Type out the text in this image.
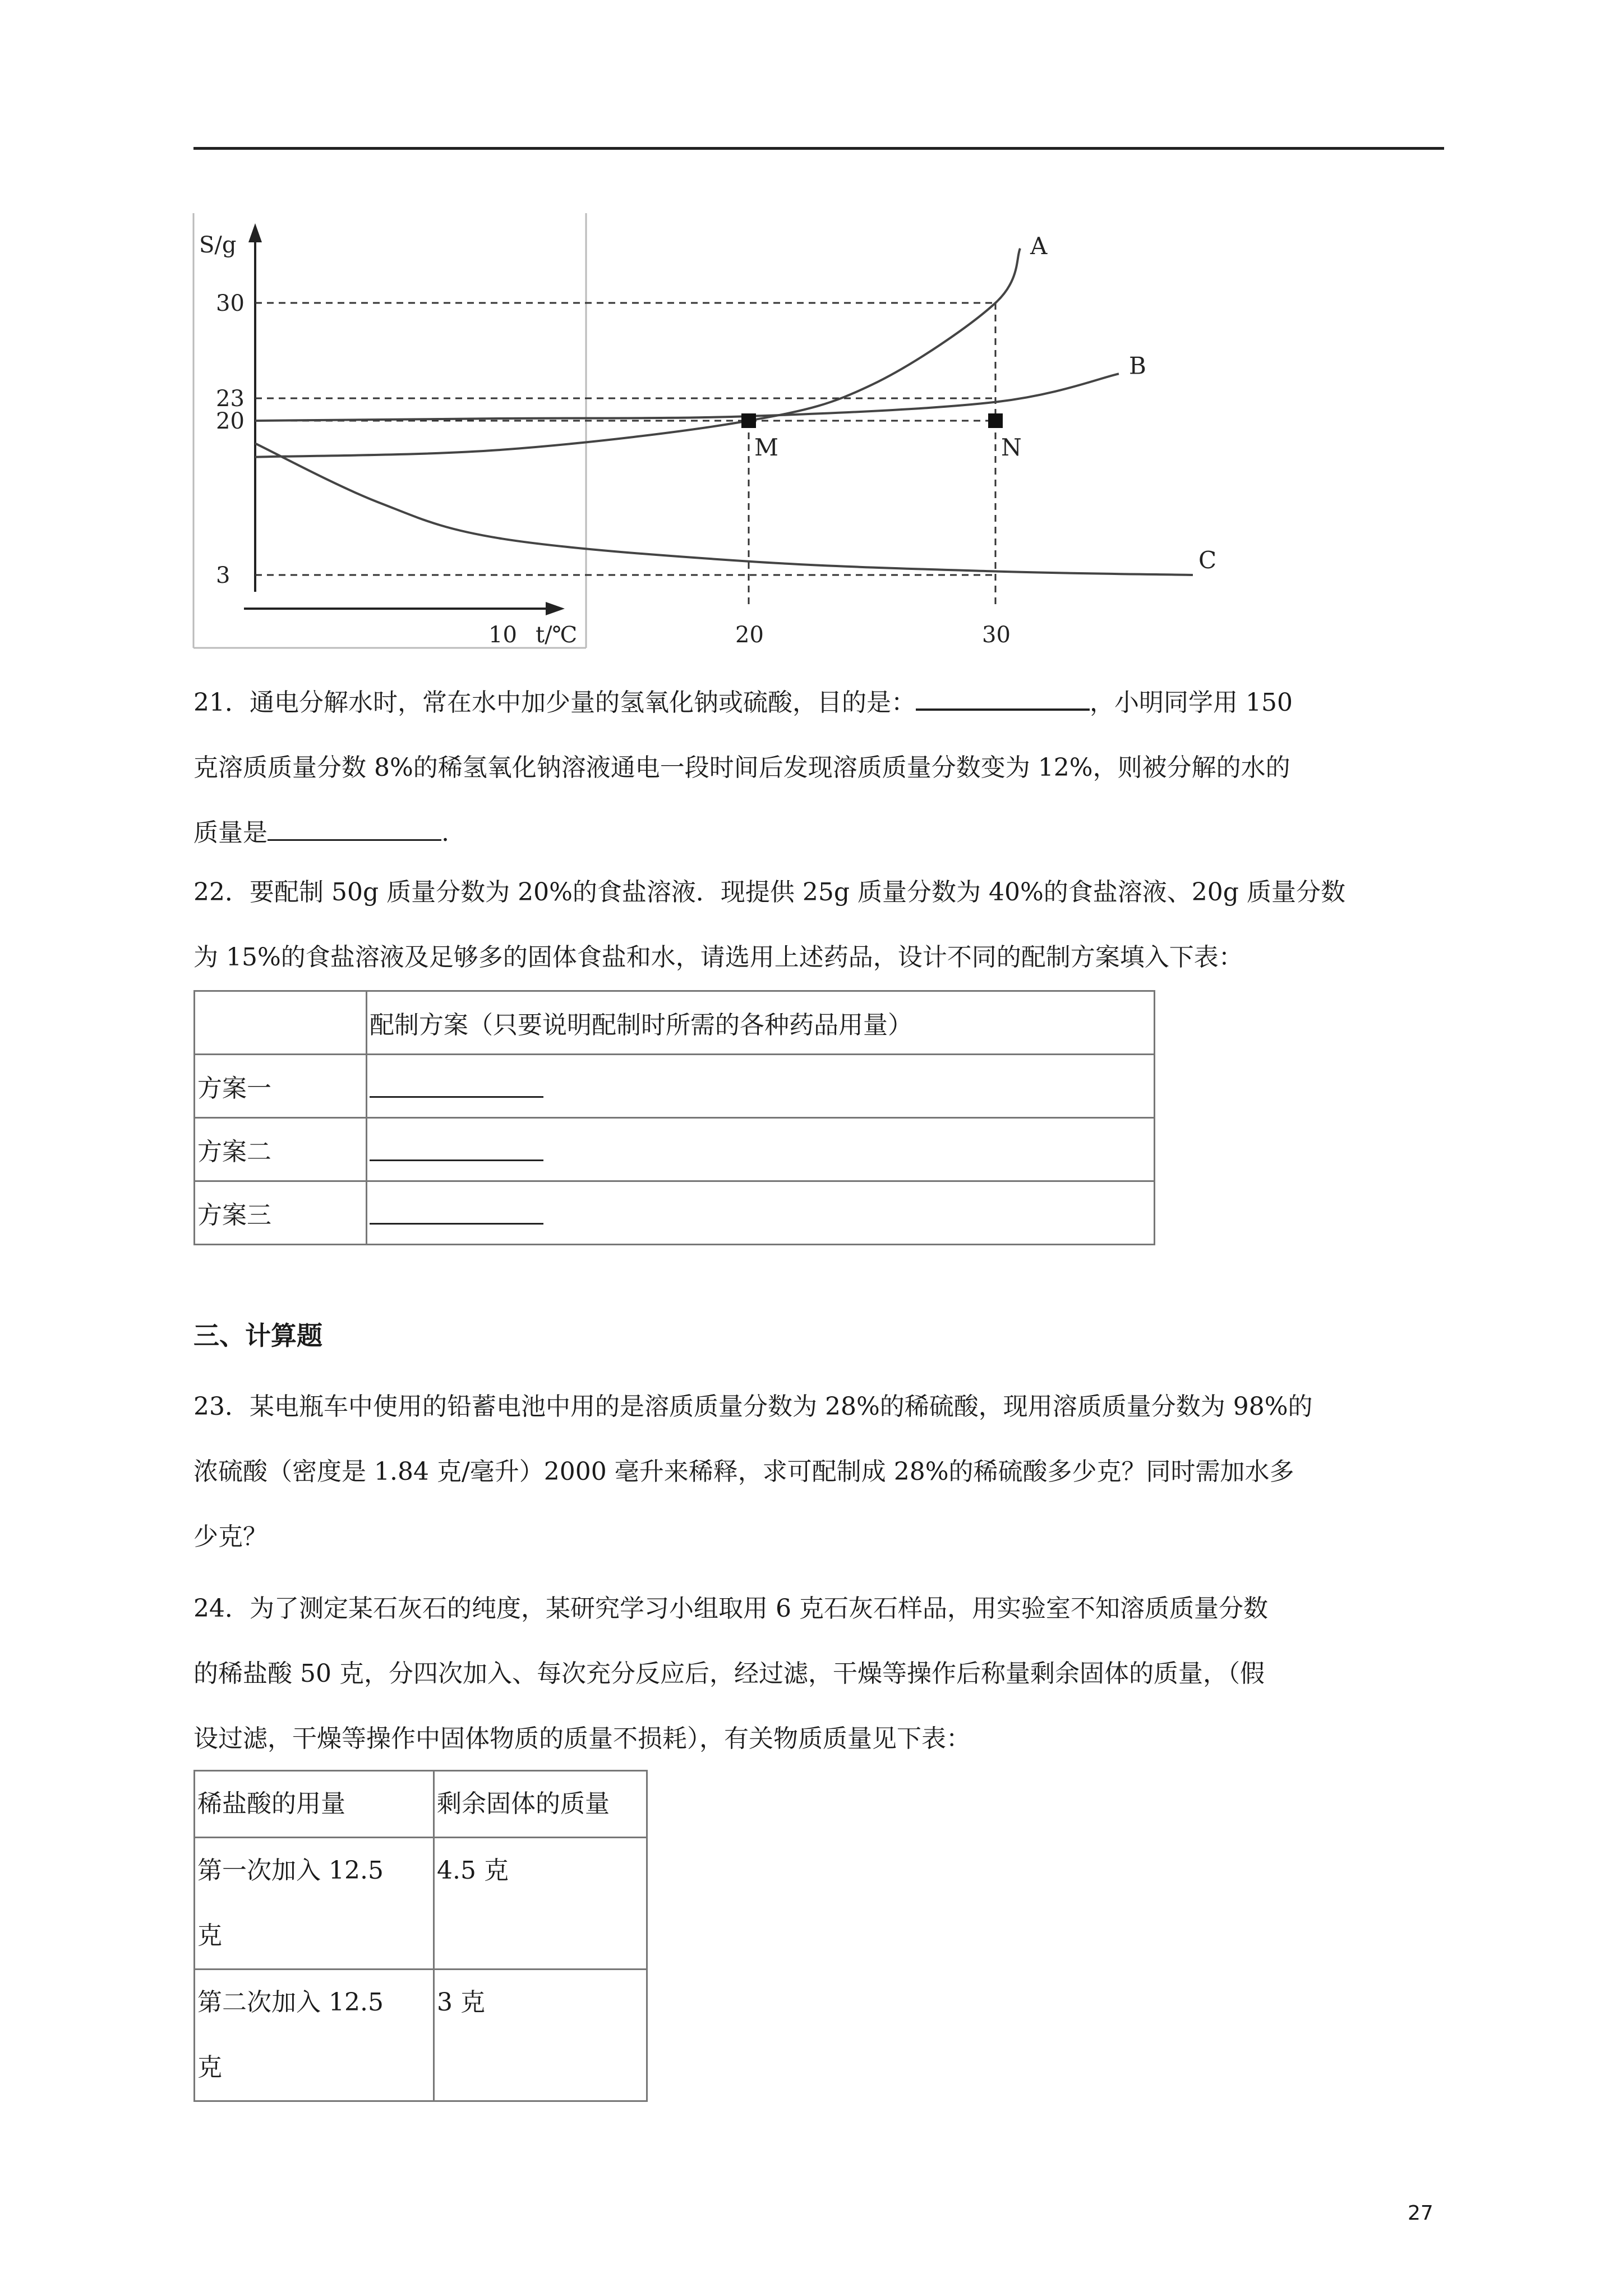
S/g
t/℃
30
23
20
3
10	20	30
A
B
C
M	N

21．通电分解水时，常在水中加少量的氢氧化钠或硫酸，目的是：	，小明同学用 150

克溶质质量分数 8%的稀氢氧化钠溶液通电一段时间后发现溶质质量分数变为 12%，则被分解的水的

质量是	.

22．要配制 50g 质量分数为 20%的食盐溶液．现提供 25g 质量分数为 40%的食盐溶液、20g 质量分数

为 15%的食盐溶液及足够多的固体食盐和水，请选用上述药品，设计不同的配制方案填入下表：

	配制方案（只要说明配制时所需的各种药品用量）
方案一	
方案二	
方案三	
三、计算题

23．某电瓶车中使用的铅蓄电池中用的是溶质质量分数为 28%的稀硫酸，现用溶质质量分数为 98%的

浓硫酸（密度是 1.84 克/毫升）2000 毫升来稀释，求可配制成 28%的稀硫酸多少克？同时需加水多

少克？

24．为了测定某石灰石的纯度，某研究学习小组取用 6 克石灰石样品，用实验室不知溶质质量分数

的稀盐酸 50 克，分四次加入、每次充分反应后，经过滤，干燥等操作后称量剩余固体的质量，（假

设过滤，干燥等操作中固体物质的质量不损耗），有关物质质量见下表：

稀盐酸的用量	剩余固体的质量

第一次加入 12.5
克	4.5 克

第二次加入 12.5
克	3 克
27
